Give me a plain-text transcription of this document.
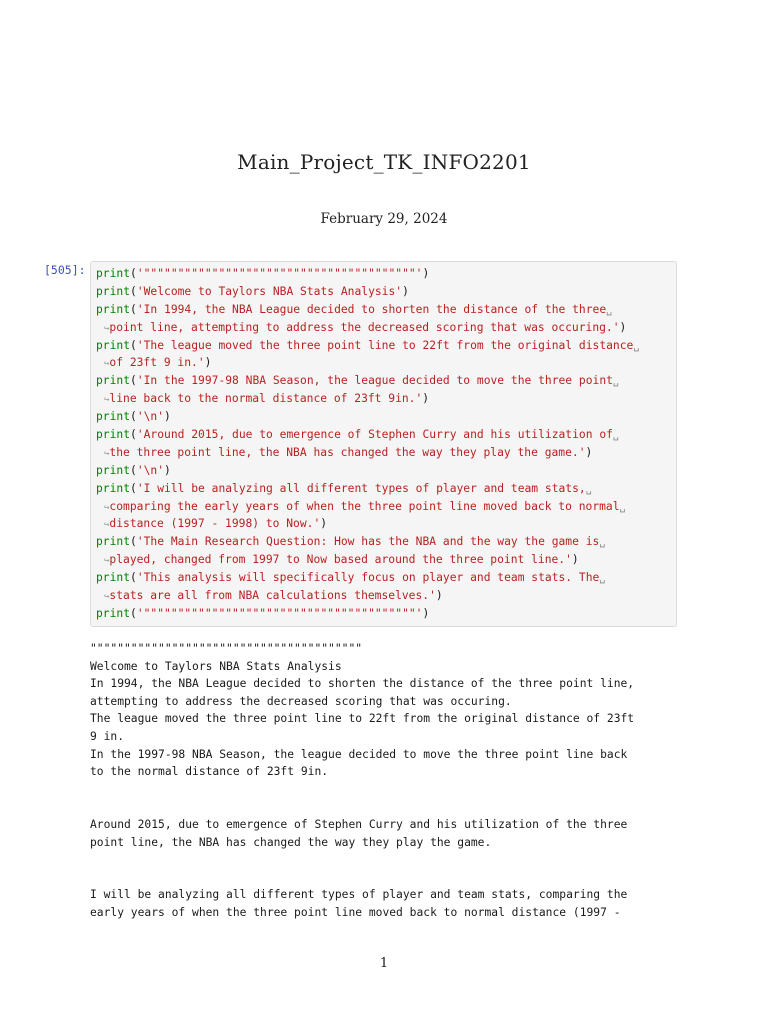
Main_Project_TK_INFO2201
February 29, 2024
[505]: print('""""""""""""""""""""""""""""""""""""""""')
print('Welcome to Taylors NBA Stats Analysis')
print('In 1994, the NBA League decided to shorten the distance of the three␣
↪point line, attempting to address the decreased scoring that was occuring.')
print('The league moved the three point line to 22ft from the original distance␣
↪of 23ft 9 in.')
print('In the 1997-98 NBA Season, the league decided to move the three point␣
↪line back to the normal distance of 23ft 9in.')
print('\n')
print('Around 2015, due to emergence of Stephen Curry and his utilization of␣
↪the three point line, the NBA has changed the way they play the game.')
print('\n')
print('I will be analyzing all different types of player and team stats,␣
↪comparing the early years of when the three point line moved back to normal␣
↪distance (1997 - 1998) to Now.')
print('The Main Research Question: How has the NBA and the way the game is␣
↪played, changed from 1997 to Now based around the three point line.')
print('This analysis will specifically focus on player and team stats. The␣
↪stats are all from NBA calculations themselves.')
print('""""""""""""""""""""""""""""""""""""""""')
""""""""""""""""""""""""""""""""""""""""
Welcome to Taylors NBA Stats Analysis
In 1994, the NBA League decided to shorten the distance of the three point line,
attempting to address the decreased scoring that was occuring.
The league moved the three point line to 22ft from the original distance of 23ft
9 in.
In the 1997-98 NBA Season, the league decided to move the three point line back
to the normal distance of 23ft 9in.
Around 2015, due to emergence of Stephen Curry and his utilization of the three
point line, the NBA has changed the way they play the game.
I will be analyzing all different types of player and team stats, comparing the
early years of when the three point line moved back to normal distance (1997 -
1
